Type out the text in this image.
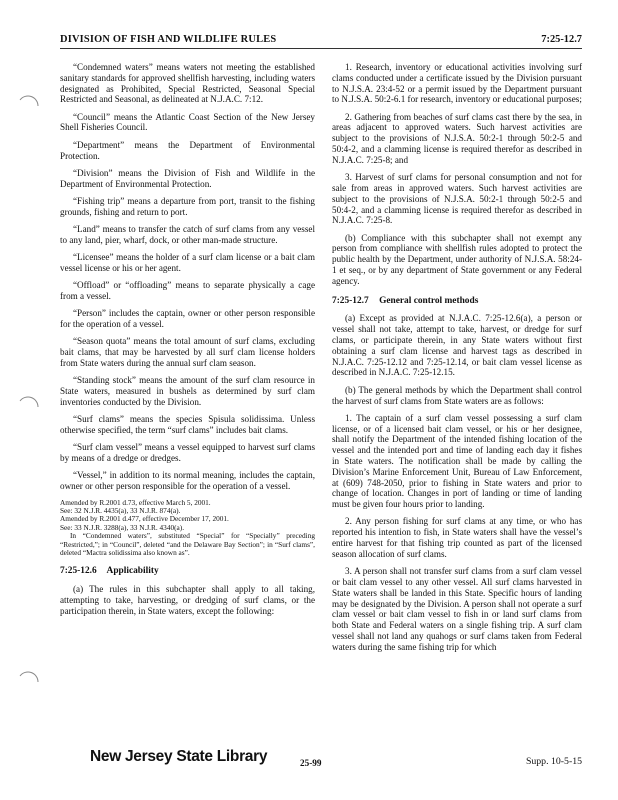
DIVISION OF FISH AND WILDLIFE RULES	7:25-12.7

“Condemned waters” means waters not meeting the established sanitary standards for approved shellfish harvesting, including waters designated as Prohibited, Special Restricted, Seasonal Special Restricted and Seasonal, as delineated at N.J.A.C. 7:12.

“Council” means the Atlantic Coast Section of the New Jersey Shell Fisheries Council.

“Department” means the Department of Environmental Protection.

“Division” means the Division of Fish and Wildlife in the Department of Environmental Protection.

“Fishing trip” means a departure from port, transit to the fishing grounds, fishing and return to port.

“Land” means to transfer the catch of surf clams from any vessel to any land, pier, wharf, dock, or other man-made structure.

“Licensee” means the holder of a surf clam license or a bait clam vessel license or his or her agent.

“Offload” or “offloading” means to separate physically a cage from a vessel.

“Person” includes the captain, owner or other person responsible for the operation of a vessel.

“Season quota” means the total amount of surf clams, excluding bait clams, that may be harvested by all surf clam license holders from State waters during the annual surf clam season.

“Standing stock” means the amount of the surf clam resource in State waters, measured in bushels as determined by surf clam inventories conducted by the Division.

“Surf clams” means the species Spisula solidissima. Unless otherwise specified, the term “surf clams” includes bait clams.

“Surf clam vessel” means a vessel equipped to harvest surf clams by means of a dredge or dredges.

“Vessel,” in addition to its normal meaning, includes the captain, owner or other person responsible for the operation of a vessel.

Amended by R.2001 d.73, effective March 5, 2001.
See: 32 N.J.R. 4435(a), 33 N.J.R. 874(a).
Amended by R.2001 d.477, effective December 17, 2001.
See: 33 N.J.R. 3288(a), 33 N.J.R. 4340(a).
In “Condemned waters”, substituted “Special” for “Specially” preceding “Restricted,”; in “Council”, deleted “and the Delaware Bay Section”; in “Surf clams”, deleted “Mactra solidissima also known as”.
7:25-12.6 Applicability

(a) The rules in this subchapter shall apply to all taking, attempting to take, harvesting, or dredging of surf clams, or the participation therein, in State waters, except the following:

1. Research, inventory or educational activities involving surf clams conducted under a certificate issued by the Division pursuant to N.J.S.A. 23:4-52 or a permit issued by the Department pursuant to N.J.S.A. 50:2-6.1 for research, inventory or educational purposes;

2. Gathering from beaches of surf clams cast there by the sea, in areas adjacent to approved waters. Such harvest activities are subject to the provisions of N.J.S.A. 50:2-1 through 50:2-5 and 50:4-2, and a clamming license is required therefor as described in N.J.A.C. 7:25-8; and

3. Harvest of surf clams for personal consumption and not for sale from areas in approved waters. Such harvest activities are subject to the provisions of N.J.S.A. 50:2-1 through 50:2-5 and 50:4-2, and a clamming license is required therefor as described in N.J.A.C. 7:25-8.

(b) Compliance with this subchapter shall not exempt any person from compliance with shellfish rules adopted to protect the public health by the Department, under authority of N.J.S.A. 58:24-1 et seq., or by any department of State government or any Federal agency.

7:25-12.7 General control methods

(a) Except as provided at N.J.A.C. 7:25-12.6(a), a person or vessel shall not take, attempt to take, harvest, or dredge for surf clams, or participate therein, in any State waters without first obtaining a surf clam license and harvest tags as described in N.J.A.C. 7:25-12.12 and 7:25-12.14, or bait clam vessel license as described in N.J.A.C. 7:25-12.15.

(b) The general methods by which the Department shall control the harvest of surf clams from State waters are as follows:

1. The captain of a surf clam vessel possessing a surf clam license, or of a licensed bait clam vessel, or his or her designee, shall notify the Department of the intended fishing location of the vessel and the intended port and time of landing each day it fishes in State waters. The notification shall be made by calling the Division’s Marine Enforcement Unit, Bureau of Law Enforcement, at (609) 748-2050, prior to fishing in State waters and prior to change of location. Changes in port of landing or time of landing must be given four hours prior to landing.

2. Any person fishing for surf clams at any time, or who has reported his intention to fish, in State waters shall have the vessel’s entire harvest for that fishing trip counted as part of the licensed season allocation of surf clams.

3. A person shall not transfer surf clams from a surf clam vessel or bait clam vessel to any other vessel. All surf clams harvested in State waters shall be landed in this State. Specific hours of landing may be designated by the Division. A person shall not operate a surf clam vessel or bait clam vessel to fish in or land surf clams from both State and Federal waters on a single fishing trip. A surf clam vessel shall not land any quahogs or surf clams taken from Federal waters during the same fishing trip for which

New Jersey State Library	25-99	Supp. 10-5-15
